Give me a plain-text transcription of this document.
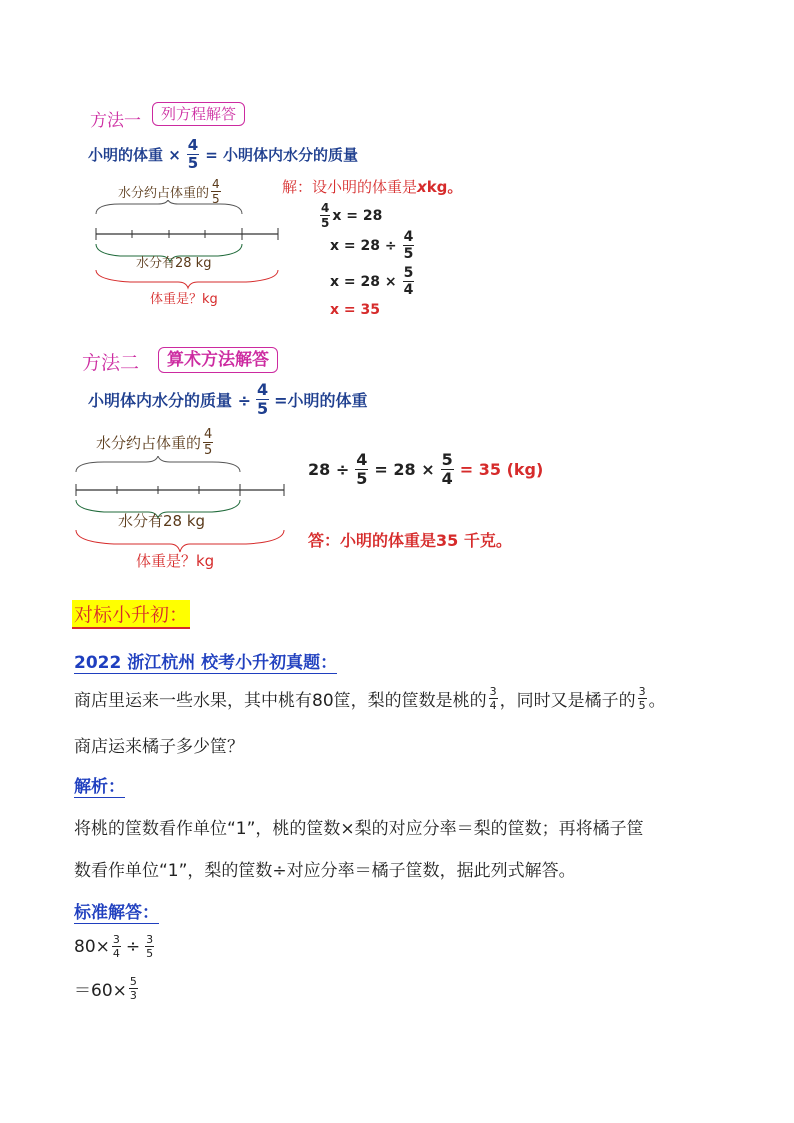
方法一	列方程解答
小明的体重 × $\frac{4}{5}$ = 小明体内水分的质量
水分约占体重的 $\frac{4}{5}$
水分有28 kg
体重是？kg
解：设小明的体重是xkg。
$\frac{4}{5}$ x = 28
$x = 28 \div \frac{4}{5}$
$x = 28 \times \frac{5}{4}$
x = 35
方法二	算术方法解答
小明体内水分的质量 ÷ $\frac{4}{5}$ =小明的体重
水分约占体重的 $\frac{4}{5}$
水分有28 kg
体重是？kg
$28 \div \frac{4}{5} = 28 \times \frac{5}{4} = 35$ (kg)
答：小明的体重是35 千克。
对标小升初：
2022 浙江杭州 校考小升初真题：
商店里运来一些水果，其中桃有80筐，梨的筐数是桃的 $\frac{3}{4}$ ，同时又是橘子的 $\frac{3}{5}$ 。
商店运来橘子多少筐？
解析：
将桃的筐数看作单位“1”，桃的筐数×梨的对应分率＝梨的筐数；再将橘子筐
数看作单位“1”，梨的筐数÷对应分率＝橘子筐数，据此列式解答。
标准解答：
$80\times \frac{3}{4} \div \frac{3}{5}$
$=60\times \frac{5}{3}$
